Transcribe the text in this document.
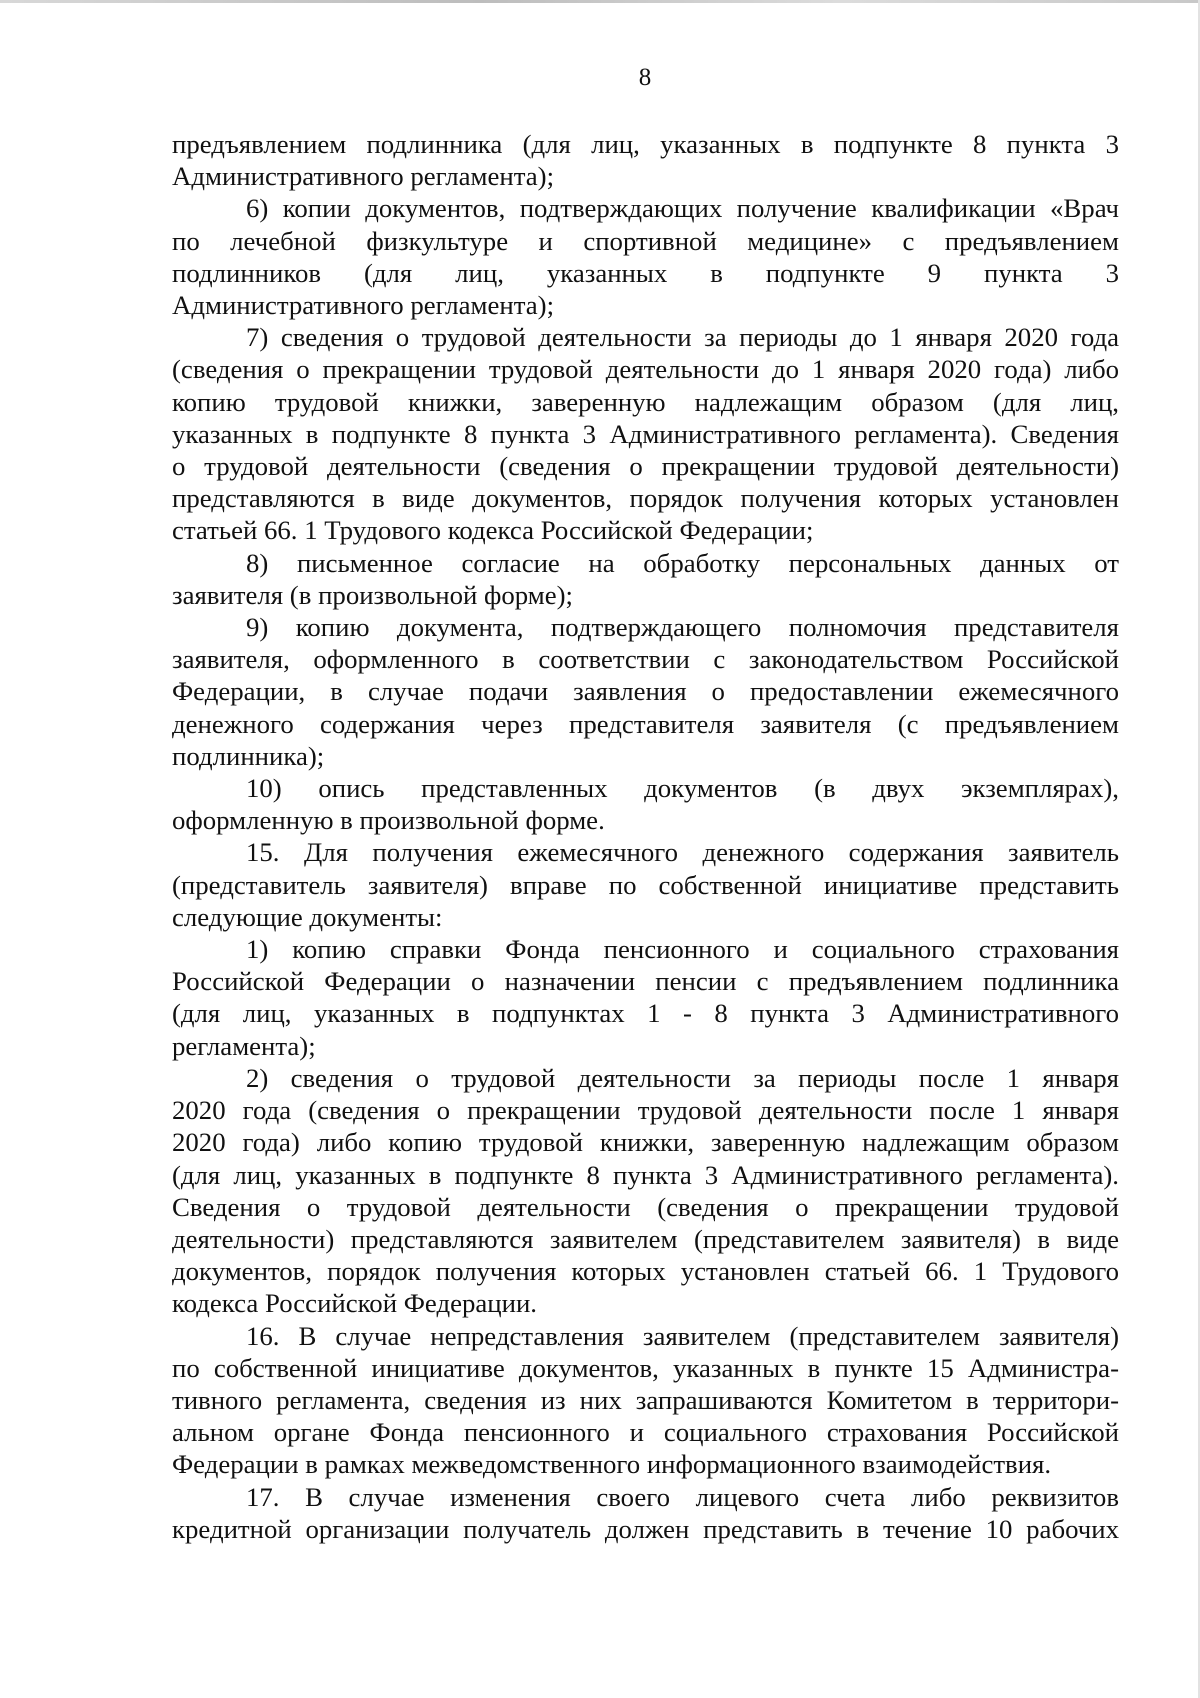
8

предъявлением подлинника (для лиц, указанных в подпункте 8 пункта 3
Административного регламента);

6) копии документов, подтверждающих получение квалификации «Врач
по лечебной физкультуре и спортивной медицине» с предъявлением
подлинников (для лиц, указанных в подпункте 9 пункта 3
Административного регламента);

7) сведения о трудовой деятельности за периоды до 1 января 2020 года
(сведения о прекращении трудовой деятельности до 1 января 2020 года) либо
копию трудовой книжки, заверенную надлежащим образом (для лиц,
указанных в подпункте 8 пункта 3 Административного регламента). Сведения
о трудовой деятельности (сведения о прекращении трудовой деятельности)
представляются в виде документов, порядок получения которых установлен
статьей 66. 1 Трудового кодекса Российской Федерации;

8) письменное согласие на обработку персональных данных от
заявителя (в произвольной форме);

9) копию документа, подтверждающего полномочия представителя
заявителя, оформленного в соответствии с законодательством Российской
Федерации, в случае подачи заявления о предоставлении ежемесячного
денежного содержания через представителя заявителя (с предъявлением
подлинника);

10) опись представленных документов (в двух экземплярах),
оформленную в произвольной форме.

15. Для получения ежемесячного денежного содержания заявитель
(представитель заявителя) вправе по собственной инициативе представить
следующие документы:

1) копию справки Фонда пенсионного и социального страхования
Российской Федерации о назначении пенсии с предъявлением подлинника
(для лиц, указанных в подпунктах 1 - 8 пункта 3 Административного
регламента);

2) сведения о трудовой деятельности за периоды после 1 января
2020 года (сведения о прекращении трудовой деятельности после 1 января
2020 года) либо копию трудовой книжки, заверенную надлежащим образом
(для лиц, указанных в подпункте 8 пункта 3 Административного регламента).
Сведения о трудовой деятельности (сведения о прекращении трудовой
деятельности) представляются заявителем (представителем заявителя) в виде
документов, порядок получения которых установлен статьей 66. 1 Трудового
кодекса Российской Федерации.

16. В случае непредставления заявителем (представителем заявителя)
по собственной инициативе документов, указанных в пункте 15 Администра-
тивного регламента, сведения из них запрашиваются Комитетом в территори-
альном органе Фонда пенсионного и социального страхования Российской
Федерации в рамках межведомственного информационного взаимодействия.

17. В случае изменения своего лицевого счета либо реквизитов
кредитной организации получатель должен представить в течение 10 рабочих
